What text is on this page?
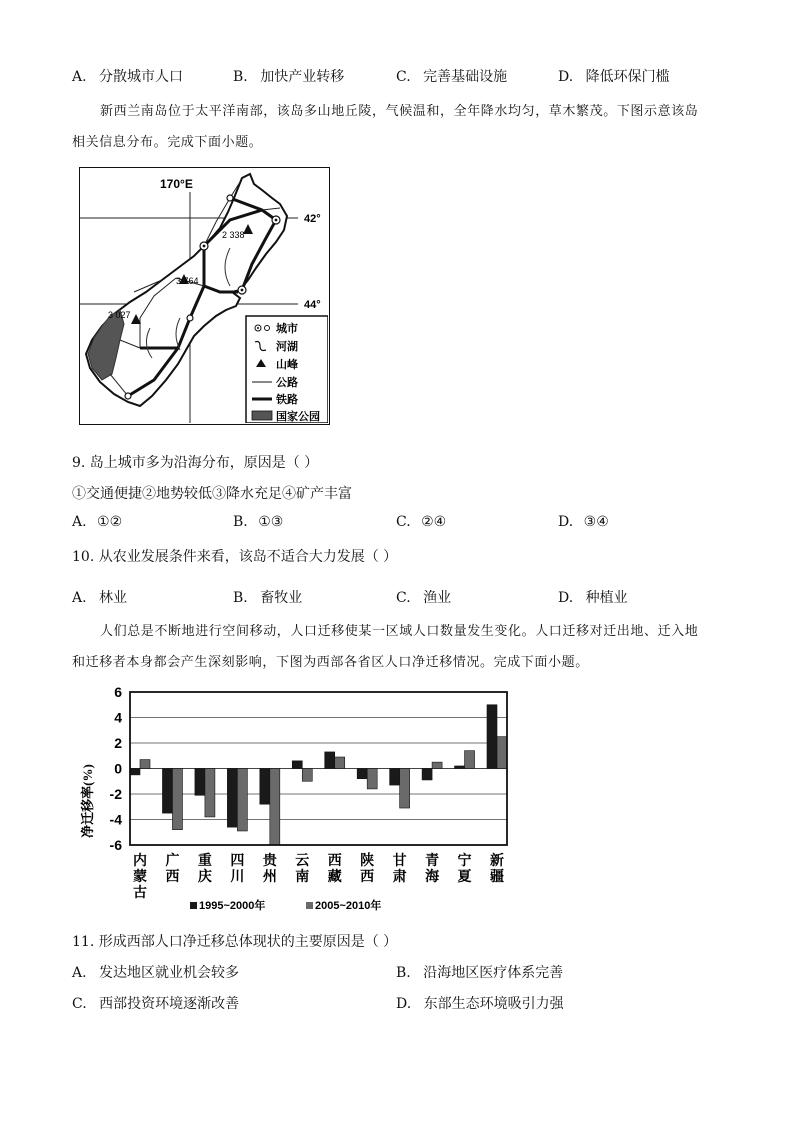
A. 分散城市人口	B. 加快产业转移	C. 完善基础设施	D. 降低环保门槛
新西兰南岛位于太平洋南部，该岛多山地丘陵，气候温和，全年降水均匀，草木繁茂。下图示意该岛
相关信息分布。完成下面小题。
170°E
42°
44°
2 338
3 764
3 027
城市
河湖
山峰
公路
铁路
国家公园
9. 岛上城市多为沿海分布，原因是（ ）
①交通便捷②地势较低③降水充足④矿产丰富
A. ①②	B. ①③	C. ②④	D. ③④
10. 从农业发展条件来看，该岛不适合大力发展（ ）
A. 林业	B. 畜牧业	C. 渔业	D. 种植业
人们总是不断地进行空间移动，人口迁移使某一区域人口数量发生变化。人口迁移对迁出地、迁入地
和迁移者本身都会产生深刻影响，下图为西部各省区人口净迁移情况。完成下面小题。
6
4
2
0
-2
-4
-6
内蒙古
广西
重庆
四川
贵州
云南
西藏
陕西
甘肃
青海
宁夏
新疆
净迁移率(%)
1995~2000年	2005~2010年
11. 形成西部人口净迁移总体现状的主要原因是（ ）
A. 发达地区就业机会较多	B. 沿海地区医疗体系完善
C. 西部投资环境逐渐改善	D. 东部生态环境吸引力强
